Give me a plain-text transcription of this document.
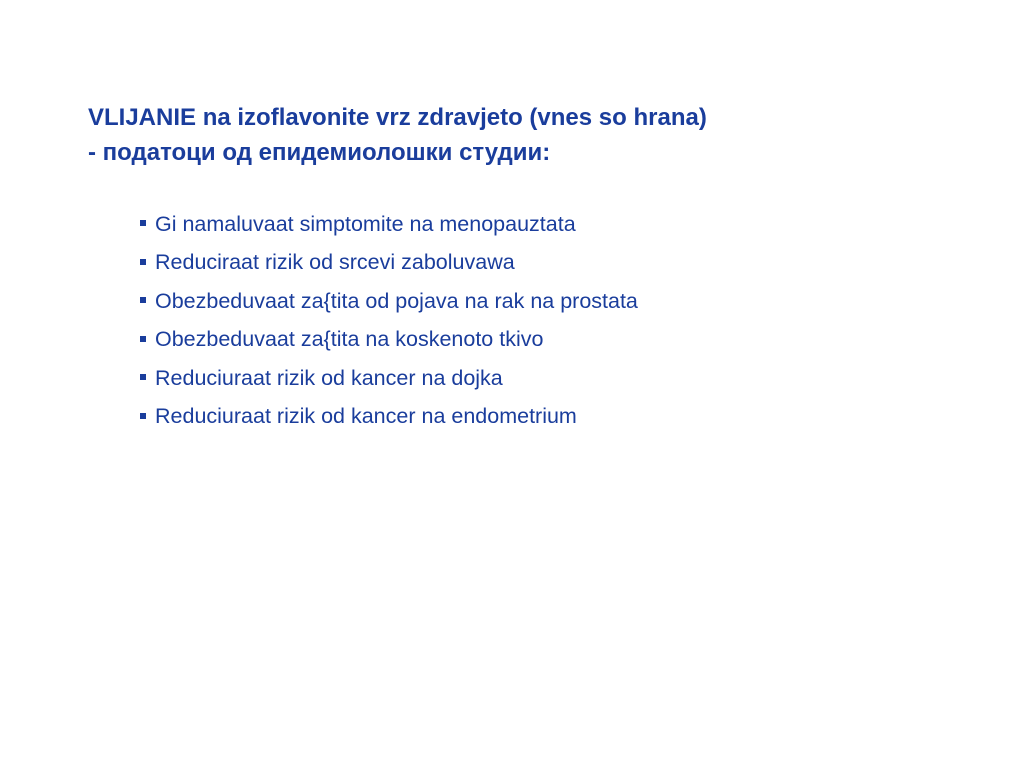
VLIJANIE na izoflavonite vrz zdravjeto (vnes so hrana)
- податоци од епидемиолошки студии:
Gi namaluvaat simptomite na menopauztata
Reduciraat rizik od srcevi zaboluvawa
Obezbeduvaat za{tita od pojava na rak na prostata
Obezbeduvaat za{tita na koskenoto tkivo
Reduciuraat rizik od kancer na dojka
Reduciuraat rizik od kancer na endometrium
